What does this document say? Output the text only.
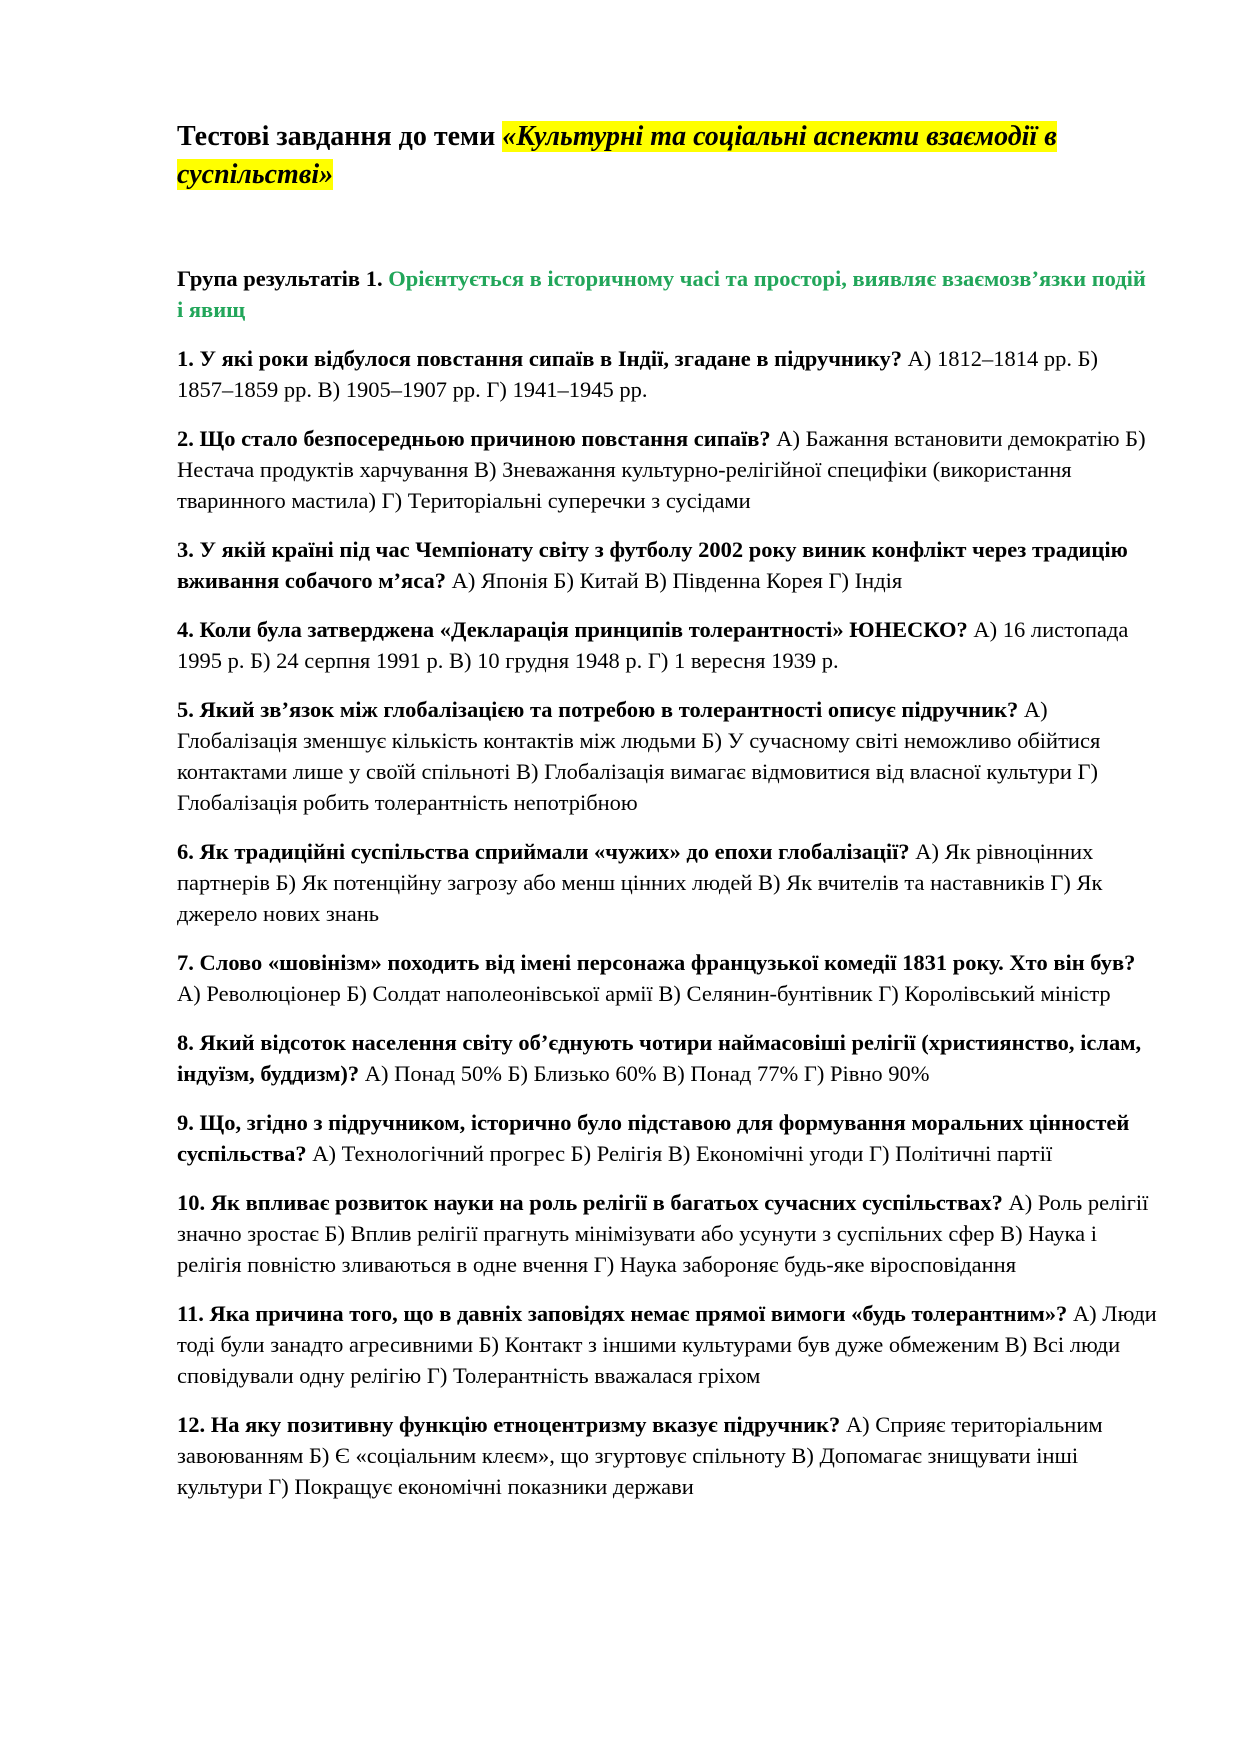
Тестові завдання до теми «Культурні та соціальні аспекти взаємодії в суспільстві»

Група результатів 1. Орієнтується в історичному часі та просторі, виявляє взаємозв’язки подій і явищ

1. У які роки відбулося повстання сипаїв в Індії, згадане в підручнику? А) 1812–1814 рр. Б) 1857–1859 рр. В) 1905–1907 рр. Г) 1941–1945 рр.
2. Що стало безпосередньою причиною повстання сипаїв? А) Бажання встановити демократію Б) Нестача продуктів харчування В) Зневажання культурно-релігійної специфіки (використання тваринного мастила) Г) Територіальні суперечки з сусідами
3. У якій країні під час Чемпіонату світу з футболу 2002 року виник конфлікт через традицію вживання собачого м’яса? А) Японія Б) Китай В) Південна Корея Г) Індія
4. Коли була затверджена «Декларація принципів толерантності» ЮНЕСКО? А) 16 листопада 1995 р. Б) 24 серпня 1991 р. В) 10 грудня 1948 р. Г) 1 вересня 1939 р.
5. Який зв’язок між глобалізацією та потребою в толерантності описує підручник? А) Глобалізація зменшує кількість контактів між людьми Б) У сучасному світі неможливо обійтися контактами лише у своїй спільноті В) Глобалізація вимагає відмовитися від власної культури Г) Глобалізація робить толерантність непотрібною
6. Як традиційні суспільства сприймали «чужих» до епохи глобалізації? А) Як рівноцінних партнерів Б) Як потенційну загрозу або менш цінних людей В) Як вчителів та наставників Г) Як джерело нових знань
7. Слово «шовінізм» походить від імені персонажа французької комедії 1831 року. Хто він був? А) Революціонер Б) Солдат наполеонівської армії В) Селянин-бунтівник Г) Королівський міністр
8. Який відсоток населення світу об’єднують чотири наймасовіші релігії (християнство, іслам, індуїзм, буддизм)? А) Понад 50% Б) Близько 60% В) Понад 77% Г) Рівно 90%
9. Що, згідно з підручником, історично було підставою для формування моральних цінностей суспільства? А) Технологічний прогрес Б) Релігія В) Економічні угоди Г) Політичні партії
10. Як впливає розвиток науки на роль релігії в багатьох сучасних суспільствах? А) Роль релігії значно зростає Б) Вплив релігії прагнуть мінімізувати або усунути з суспільних сфер В) Наука і релігія повністю зливаються в одне вчення Г) Наука забороняє будь-яке віросповідання
11. Яка причина того, що в давніх заповідях немає прямої вимоги «будь толерантним»? А) Люди тоді були занадто агресивними Б) Контакт з іншими культурами був дуже обмеженим В) Всі люди сповідували одну релігію Г) Толерантність вважалася гріхом
12. На яку позитивну функцію етноцентризму вказує підручник? А) Сприяє територіальним завоюванням Б) Є «соціальним клеєм», що згуртовує спільноту В) Допомагає знищувати інші культури Г) Покращує економічні показники держави
